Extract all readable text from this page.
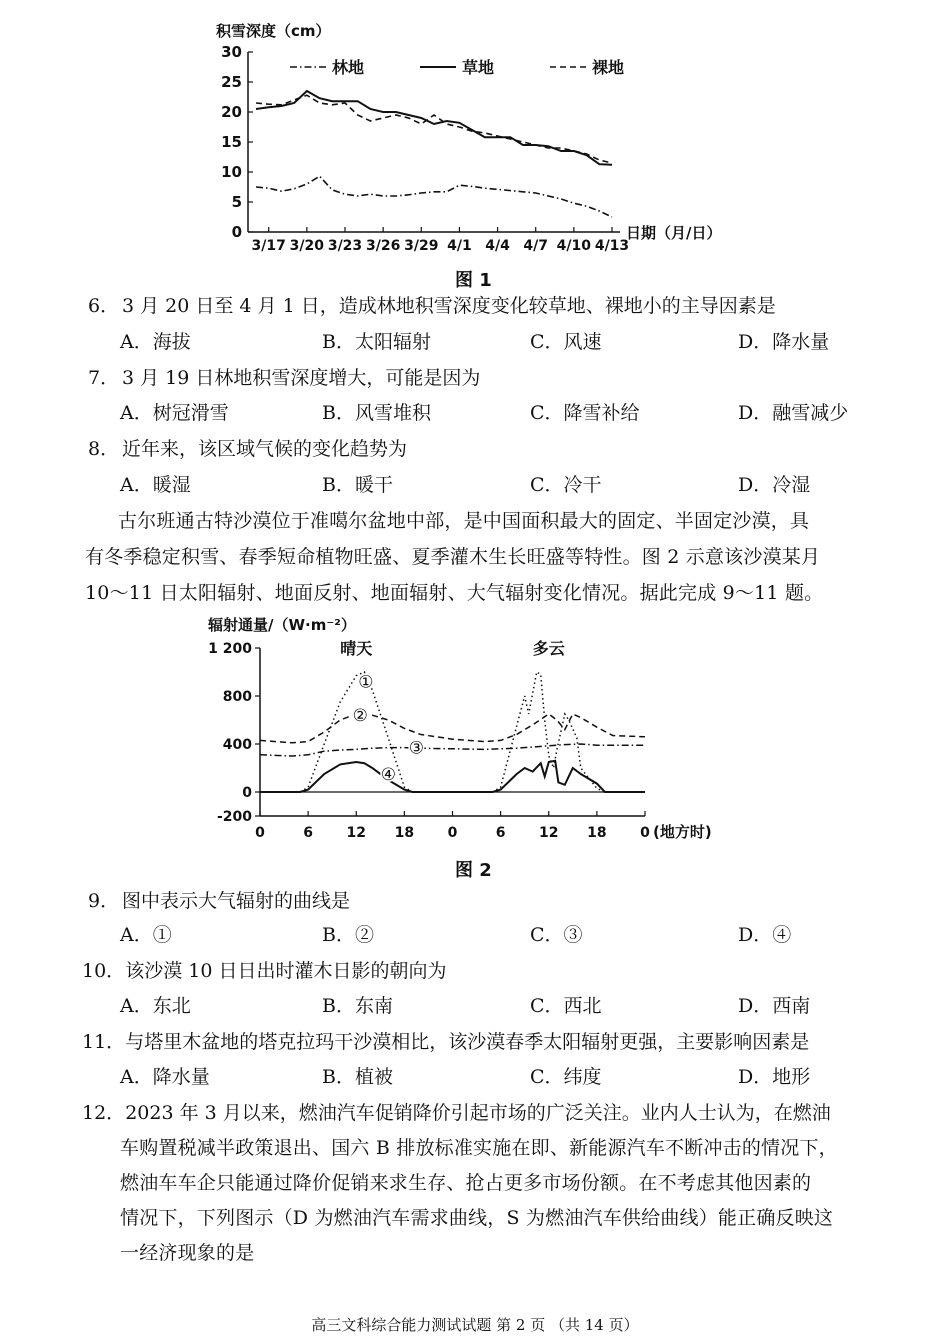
积雪深度（cm）
日期（月/日）
0
5
10
15
20
25
30
3/17 3/20 3/23 3/26 3/29 4/1 4/4 4/7 4/10 4/13
林地	草地	裸地
图 1
6． 3 月 20 日至 4 月 1 日，造成林地积雪深度变化较草地、裸地小的主导因素是
A．海拔	B．太阳辐射	C．风速	D．降水量
7． 3 月 19 日林地积雪深度增大，可能是因为
A．树冠滑雪	B．风雪堆积	C．降雪补给	D．融雪减少
8． 近年来，该区域气候的变化趋势为
A．暖湿	B．暖干	C．冷干	D．冷湿
古尔班通古特沙漠位于准噶尔盆地中部，是中国面积最大的固定、半固定沙漠，具
有冬季稳定积雪、春季短命植物旺盛、夏季灌木生长旺盛等特性。图 2 示意该沙漠某月
10～11 日太阳辐射、地面反射、地面辐射、大气辐射变化情况。据此完成 9～11 题。
辐射通量/（W·m⁻²）
(地方时)
-200
0
400
800
1 200
0	6 12 18 0	6 12 18 0
晴天	多云
①
②
③
④
图 2
9． 图中表示大气辐射的曲线是
A．①	B．②	C．③	D．④
10．该沙漠 10 日日出时灌木日影的朝向为
A．东北	B．东南	C．西北	D．西南
11．与塔里木盆地的塔克拉玛干沙漠相比，该沙漠春季太阳辐射更强，主要影响因素是
A．降水量	B．植被	C．纬度	D．地形
12．2023 年 3 月以来，燃油汽车促销降价引起市场的广泛关注。业内人士认为，在燃油
车购置税减半政策退出、国六 B 排放标准实施在即、新能源汽车不断冲击的情况下，
燃油车车企只能通过降价促销来求生存、抢占更多市场份额。在不考虑其他因素的
情况下，下列图示（D 为燃油汽车需求曲线，S 为燃油汽车供给曲线）能正确反映这
一经济现象的是
高三文科综合能力测试试题 第 2 页 （共 14 页）
